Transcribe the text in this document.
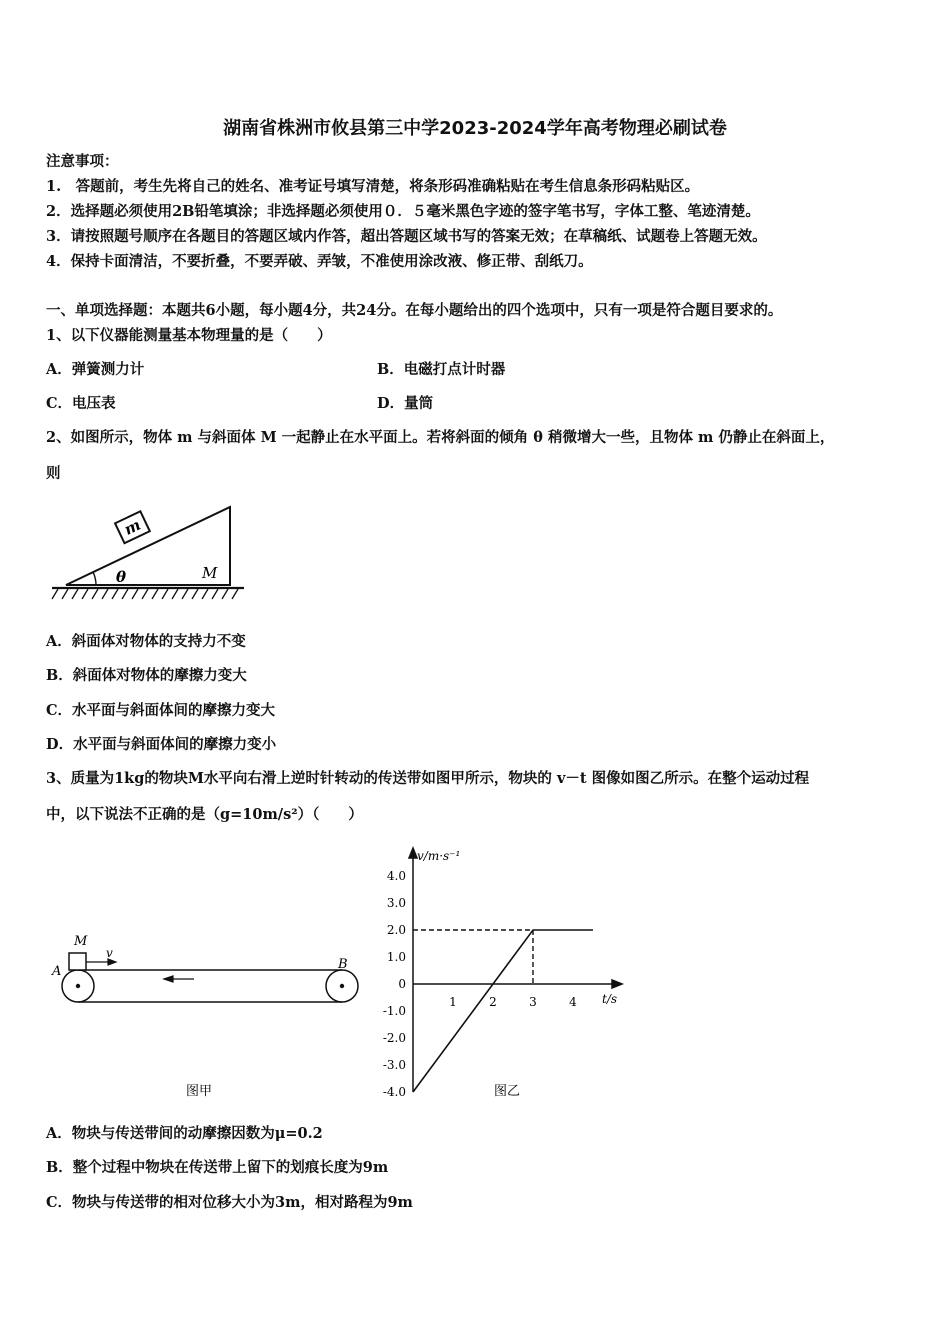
湖南省株洲市攸县第三中学2023-2024学年高考物理必刷试卷
注意事项：
1.　答题前，考生先将自己的姓名、准考证号填写清楚，将条形码准确粘贴在考生信息条形码粘贴区。
2．选择题必须使用2B铅笔填涂；非选择题必须使用０．５毫米黑色字迹的签字笔书写，字体工整、笔迹清楚。
3．请按照题号顺序在各题目的答题区域内作答，超出答题区域书写的答案无效；在草稿纸、试题卷上答题无效。
4．保持卡面清洁，不要折叠，不要弄破、弄皱，不准使用涂改液、修正带、刮纸刀。
一、单项选择题：本题共6小题，每小题4分，共24分。在每小题给出的四个选项中，只有一项是符合题目要求的。
1、以下仪器能测量基本物理量的是（　　）
A．弹簧测力计	B．电磁打点计时器
C．电压表	D．量筒
2、如图所示，物体 m 与斜面体 M 一起静止在水平面上。若将斜面的倾角 θ 稍微增大一些，且物体 m 仍静止在斜面上，
则
m
θ	M
A．斜面体对物体的支持力不变
B．斜面体对物体的摩擦力变大
C．水平面与斜面体间的摩擦力变大
D．水平面与斜面体间的摩擦力变小
3、质量为1kg的物块M水平向右滑上逆时针转动的传送带如图甲所示，物块的 v－t 图像如图乙所示。在整个运动过程
中，以下说法不正确的是（g=10m/s²）（　　）
M
v
A	B
图甲
4.0
3.0
2.0
1.0
0
-1.0
-2.0
-3.0
-4.0
1	2	3	4
v/m·s⁻¹
t/s
图乙
A．物块与传送带间的动摩擦因数为μ=0.2
B．整个过程中物块在传送带上留下的划痕长度为9m
C．物块与传送带的相对位移大小为3m，相对路程为9m
